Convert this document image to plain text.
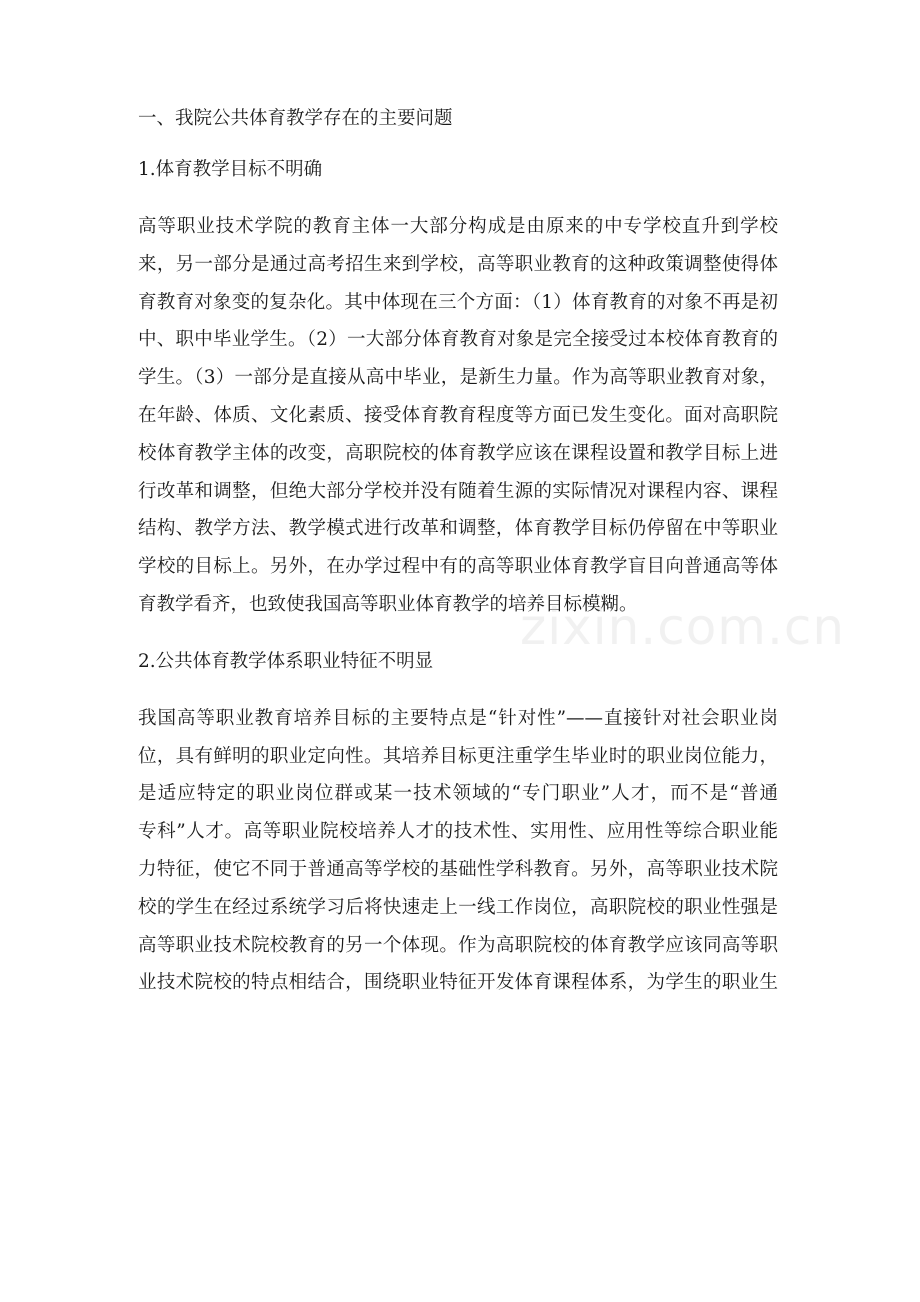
一、我院公共体育教学存在的主要问题
1.体育教学目标不明确
高等职业技术学院的教育主体一大部分构成是由原来的中专学校直升到学校
来，另一部分是通过高考招生来到学校，高等职业教育的这种政策调整使得体
育教育对象变的复杂化。其中体现在三个方面：（1）体育教育的对象不再是初
中、职中毕业学生。（2）一大部分体育教育对象是完全接受过本校体育教育的
学生。（3）一部分是直接从高中毕业，是新生力量。作为高等职业教育对象，
在年龄、体质、文化素质、接受体育教育程度等方面已发生变化。面对高职院
校体育教学主体的改变，高职院校的体育教学应该在课程设置和教学目标上进
行改革和调整，但绝大部分学校并没有随着生源的实际情况对课程内容、课程
结构、教学方法、教学模式进行改革和调整，体育教学目标仍停留在中等职业
学校的目标上。另外，在办学过程中有的高等职业体育教学盲目向普通高等体
育教学看齐，也致使我国高等职业体育教学的培养目标模糊。
2.公共体育教学体系职业特征不明显
我国高等职业教育培养目标的主要特点是“针对性”——直接针对社会职业岗
位，具有鲜明的职业定向性。其培养目标更注重学生毕业时的职业岗位能力，
是适应特定的职业岗位群或某一技术领域的“专门职业”人才，而不是“普通
专科”人才。高等职业院校培养人才的技术性、实用性、应用性等综合职业能
力特征，使它不同于普通高等学校的基础性学科教育。另外，高等职业技术院
校的学生在经过系统学习后将快速走上一线工作岗位，高职院校的职业性强是
高等职业技术院校教育的另一个体现。作为高职院校的体育教学应该同高等职
业技术院校的特点相结合，围绕职业特征开发体育课程体系，为学生的职业生
zixin.com.cn
